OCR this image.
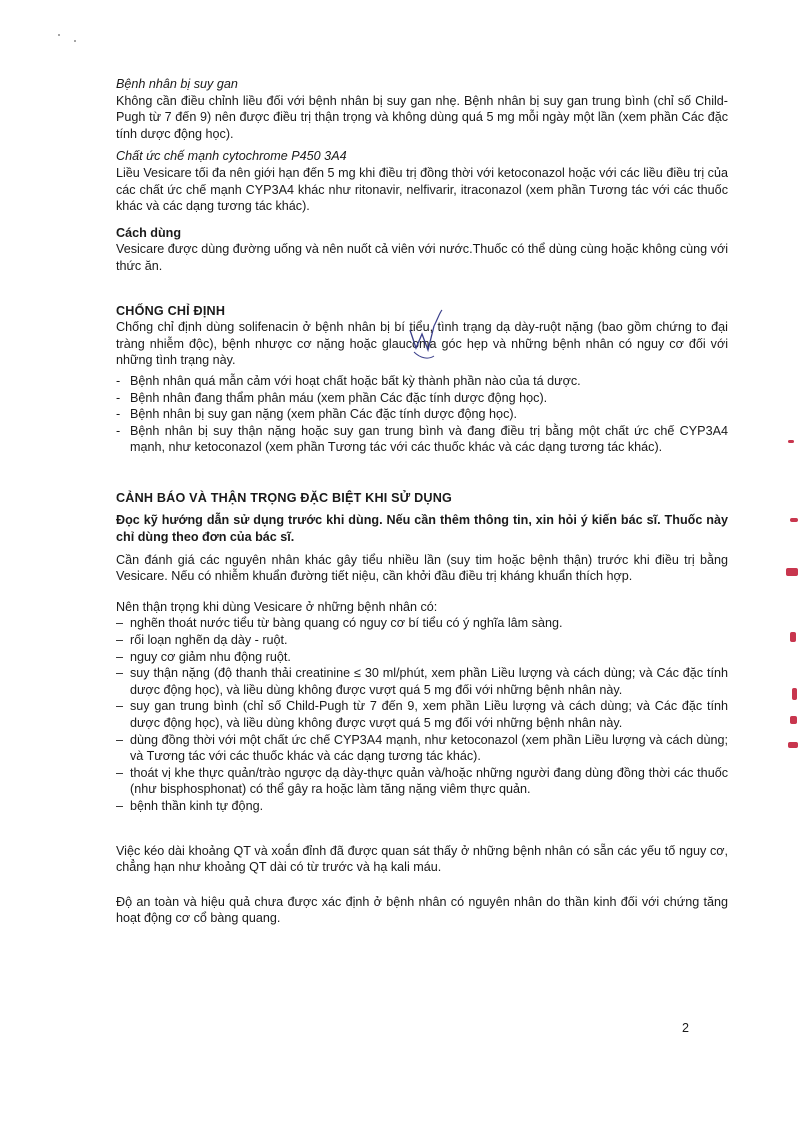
Bệnh nhân bị suy gan

Không cần điều chỉnh liều đối với bệnh nhân bị suy gan nhẹ. Bệnh nhân bị suy gan trung bình (chỉ số Child-Pugh từ 7 đến 9) nên được điều trị thận trọng và không dùng quá 5 mg mỗi ngày một lần (xem phần Các đặc tính dược động học).

Chất ức chế mạnh cytochrome P450 3A4

Liều Vesicare tối đa nên giới hạn đến 5 mg khi điều trị đồng thời với ketoconazol hoặc với các liều điều trị của các chất ức chế mạnh CYP3A4 khác như ritonavir, nelfivarir, itraconazol (xem phần Tương tác với các thuốc khác và các dạng tương tác khác).

Cách dùng

Vesicare được dùng đường uống và nên nuốt cả viên với nước.Thuốc có thể dùng cùng hoặc không cùng với thức ăn.

CHỐNG CHỈ ĐỊNH

Chống chỉ định dùng solifenacin ở bệnh nhân bị bí tiểu, tình trạng dạ dày-ruột nặng (bao gồm chứng to đại tràng nhiễm độc), bệnh nhược cơ nặng hoặc glaucoma góc hẹp và những bệnh nhân có nguy cơ đối với những tình trạng này.

- Bệnh nhân quá mẫn cảm với hoạt chất hoặc bất kỳ thành phần nào của tá dược.
- Bệnh nhân đang thẩm phân máu (xem phần Các đặc tính dược động học).
- Bệnh nhân bị suy gan nặng (xem phần Các đặc tính dược động học).
- Bệnh nhân bị suy thận nặng hoặc suy gan trung bình và đang điều trị bằng một chất ức chế CYP3A4 mạnh, như ketoconazol (xem phần Tương tác với các thuốc khác và các dạng tương tác khác).

CẢNH BÁO VÀ THẬN TRỌNG ĐẶC BIỆT KHI SỬ DỤNG

Đọc kỹ hướng dẫn sử dụng trước khi dùng. Nếu cần thêm thông tin, xin hỏi ý kiến bác sĩ. Thuốc này chỉ dùng theo đơn của bác sĩ.

Cần đánh giá các nguyên nhân khác gây tiểu nhiều lần (suy tim hoặc bệnh thận) trước khi điều trị bằng Vesicare. Nếu có nhiễm khuẩn đường tiết niệu, cần khởi đầu điều trị kháng khuẩn thích hợp.

Nên thận trọng khi dùng Vesicare ở những bệnh nhân có:

– nghẽn thoát nước tiểu từ bàng quang có nguy cơ bí tiểu có ý nghĩa lâm sàng.
– rối loạn nghẽn dạ dày - ruột.
– nguy cơ giảm nhu động ruột.
– suy thận nặng (độ thanh thải creatinine ≤ 30 ml/phút, xem phần Liều lượng và cách dùng; và Các đặc tính dược động học), và liều dùng không được vượt quá 5 mg đối với những bệnh nhân này.
– suy gan trung bình (chỉ số Child-Pugh từ 7 đến 9, xem phần Liều lượng và cách dùng; và Các đặc tính dược động học), và liều dùng không được vượt quá 5 mg đối với những bệnh nhân này.
– dùng đồng thời với một chất ức chế CYP3A4 mạnh, như ketoconazol (xem phần Liều lượng và cách dùng; và Tương tác với các thuốc khác và các dạng tương tác khác).
– thoát vị khe thực quản/trào ngược dạ dày-thực quản và/hoặc những người đang dùng đồng thời các thuốc (như bisphosphonat) có thể gây ra hoặc làm tăng nặng viêm thực quản.
– bệnh thần kinh tự động.

Việc kéo dài khoảng QT và xoắn đỉnh đã được quan sát thấy ở những bệnh nhân có sẵn các yếu tố nguy cơ, chẳng hạn như khoảng QT dài có từ trước và hạ kali máu.

Độ an toàn và hiệu quả chưa được xác định ở bệnh nhân có nguyên nhân do thần kinh đối với chứng tăng hoạt động cơ cổ bàng quang.

2
